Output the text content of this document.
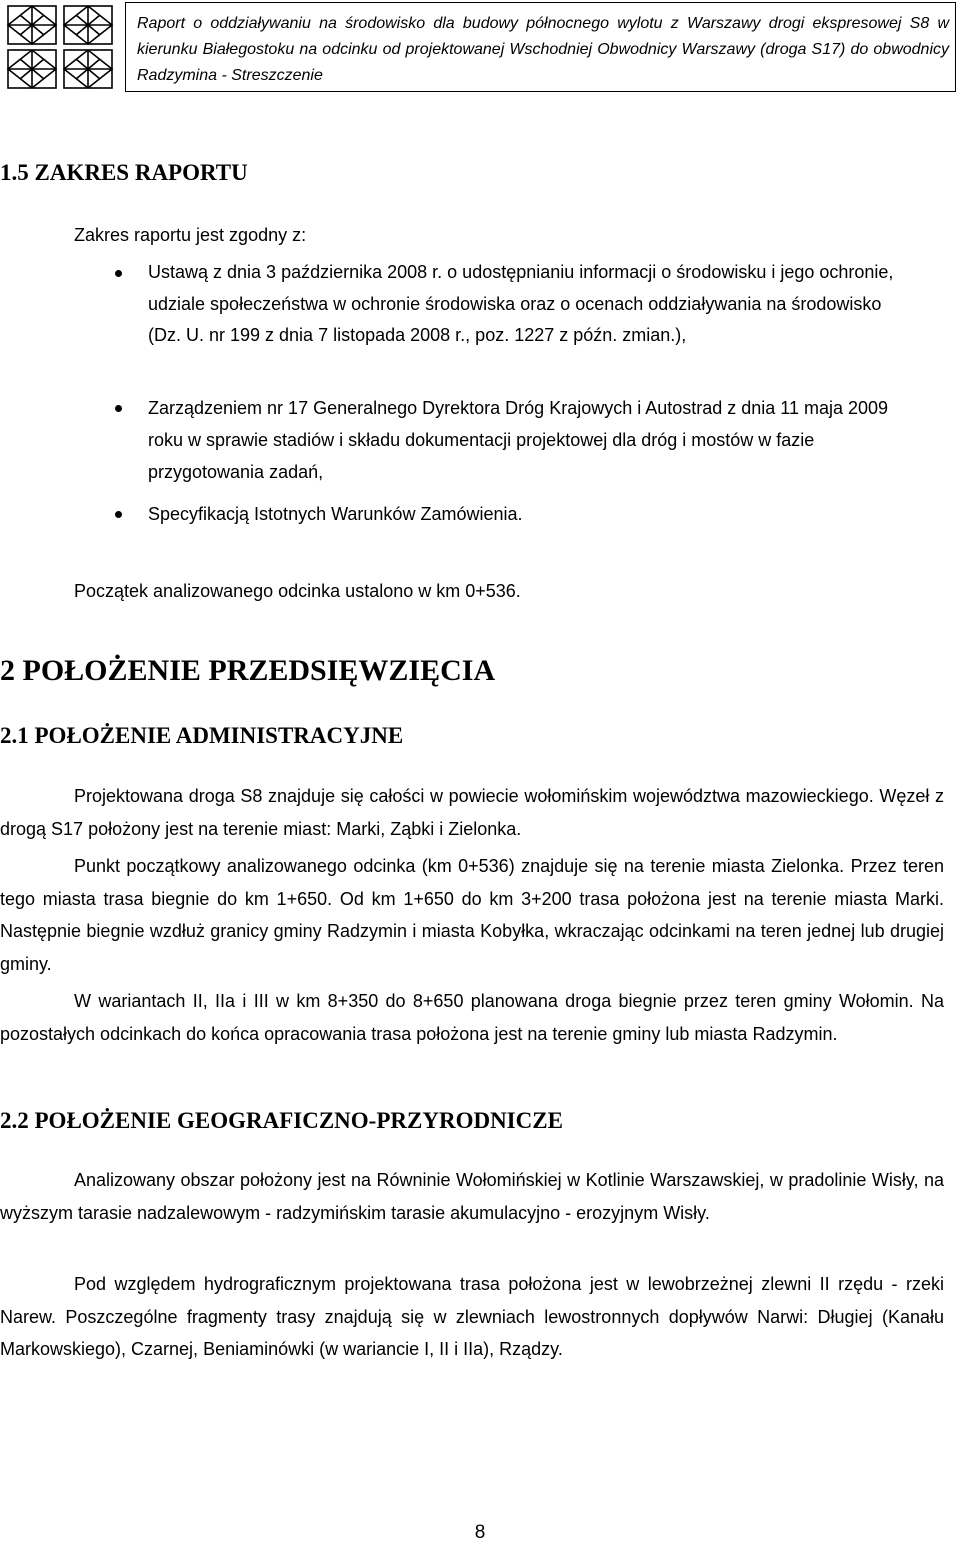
Raport o oddziaływaniu na środowisko dla budowy północnego wylotu z Warszawy drogi ekspresowej S8 w kierunku Białegostoku na odcinku od projektowanej Wschodniej Obwodnicy Warszawy (droga S17) do obwodnicy Radzymina - Streszczenie
1.5 ZAKRES RAPORTU

Zakres raportu jest zgodny z:

Ustawą z dnia 3 października 2008 r. o udostępnianiu informacji o środowisku i jego ochronie, udziale społeczeństwa w ochronie środowiska oraz o ocenach oddziaływania na środowisko (Dz. U. nr 199 z dnia 7 listopada 2008 r., poz. 1227 z późn. zmian.),

Zarządzeniem nr 17 Generalnego Dyrektora Dróg Krajowych i Autostrad z dnia 11 maja 2009 roku w sprawie stadiów i składu dokumentacji projektowej dla dróg i mostów w fazie przygotowania zadań,

Specyfikacją Istotnych Warunków Zamówienia.

Początek analizowanego odcinka ustalono w km 0+536.

2 POŁOŻENIE PRZEDSIĘWZIĘCIA
2.1 POŁOŻENIE ADMINISTRACYJNE

Projektowana droga S8 znajduje się całości w powiecie wołomińskim województwa mazowieckiego. Węzeł z drogą S17 położony jest na terenie miast: Marki, Ząbki i Zielonka.

Punkt początkowy analizowanego odcinka (km 0+536) znajduje się na terenie miasta Zielonka. Przez teren tego miasta trasa biegnie do km 1+650. Od km 1+650 do km 3+200 trasa położona jest na terenie miasta Marki. Następnie biegnie wzdłuż granicy gminy Radzymin i miasta Kobyłka, wkraczając odcinkami na teren jednej lub drugiej gminy.

W wariantach II, IIa i III w km 8+350 do 8+650 planowana droga biegnie przez teren gminy Wołomin. Na pozostałych odcinkach do końca opracowania trasa położona jest na terenie gminy lub miasta Radzymin.

2.2 POŁOŻENIE GEOGRAFICZNO-PRZYRODNICZE

Analizowany obszar położony jest na Równinie Wołomińskiej w Kotlinie Warszawskiej, w pradolinie Wisły, na wyższym tarasie nadzalewowym - radzymińskim tarasie akumulacyjno - erozyjnym Wisły.

Pod względem hydrograficznym projektowana trasa położona jest w lewobrzeżnej zlewni II rzędu - rzeki Narew. Poszczególne fragmenty trasy znajdują się w zlewniach lewostronnych dopływów Narwi: Długiej (Kanału Markowskiego), Czarnej, Beniaminówki (w wariancie I, II i IIa), Rządzy.

8
